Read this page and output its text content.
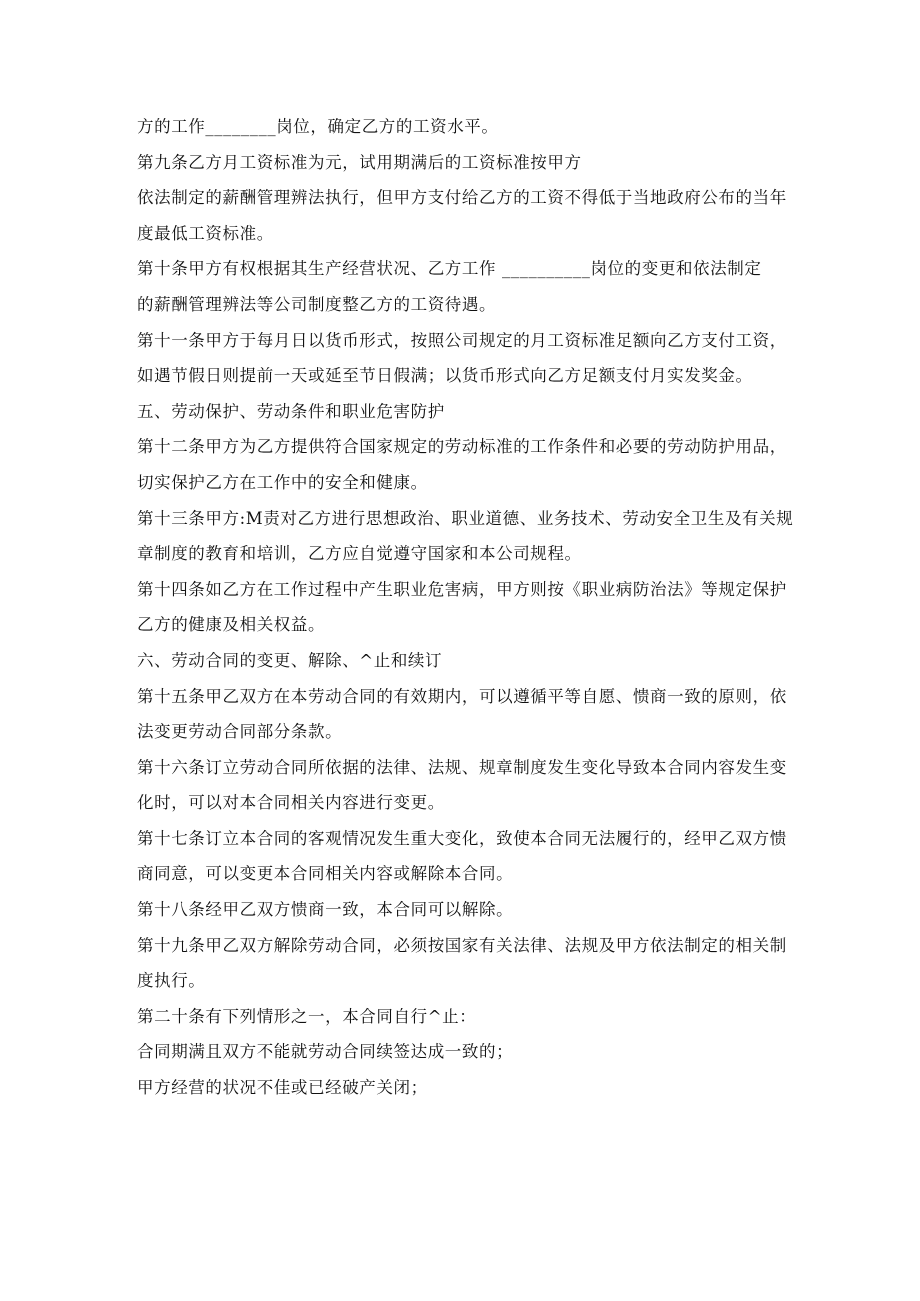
方的工作________岗位，确定乙方的工资水平。
第九条乙方月工资标准为元，试用期满后的工资标准按甲方
依法制定的薪酬管理辨法执行，但甲方支付给乙方的工资不得低于当地政府公布的当年
度最低工资标准。
第十条甲方有权根据其生产经营状况、乙方工作 __________岗位的变更和依法制定
的薪酬管理辨法等公司制度整乙方的工资待遇。
第十一条甲方于每月日以货币形式，按照公司规定的月工资标准足额向乙方支付工资，
如遇节假日则提前一天或延至节日假满；以货币形式向乙方足额支付月实发奖金。
五、劳动保护、劳动条件和职业危害防护
第十二条甲方为乙方提供符合国家规定的劳动标准的工作条件和必要的劳动防护用品，
切实保护乙方在工作中的安全和健康。
第十三条甲方:M责对乙方进行思想政治、职业道德、业务技术、劳动安全卫生及有关规
章制度的教育和培训，乙方应自觉遵守国家和本公司规程。
第十四条如乙方在工作过程中产生职业危害病，甲方则按《职业病防治法》等规定保护
乙方的健康及相关权益。
六、劳动合同的变更、解除、^止和续订
第十五条甲乙双方在本劳动合同的有效期内，可以遵循平等自愿、愦商一致的原则，依
法变更劳动合同部分条款。
第十六条订立劳动合同所依据的法律、法规、规章制度发生变化导致本合同内容发生变
化时，可以对本合同相关内容进行变更。
第十七条订立本合同的客观情况发生重大变化，致使本合同无法履行的，经甲乙双方愦
商同意，可以变更本合同相关内容或解除本合同。
第十八条经甲乙双方愦商一致，本合同可以解除。
第十九条甲乙双方解除劳动合同，必须按国家有关法律、法规及甲方依法制定的相关制
度执行。
第二十条有下列情形之一，本合同自行^止：
合同期满且双方不能就劳动合同续签达成一致的；
甲方经营的状况不佳或已经破产关闭；
